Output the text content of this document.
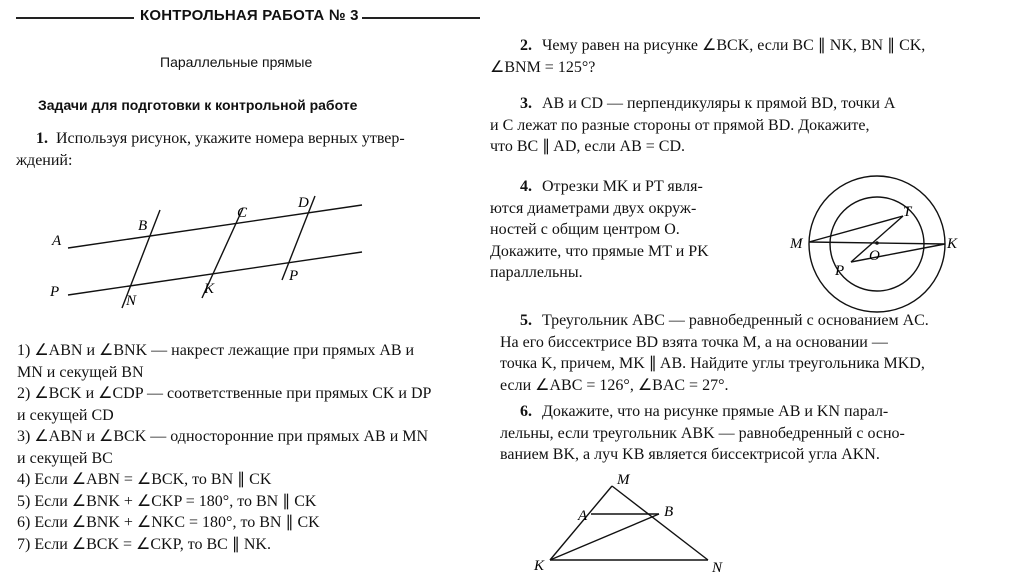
КОНТРОЛЬНАЯ РАБОТА № 3
Параллельные прямые
Задачи для подготовки к контрольной работе
1. Используя рисунок, укажите номера верных утвер-
ждений:
A
B
C
D
P
N
K
P
1) ∠ABN и ∠BNK — накрест лежащие при прямых AB и
MN и секущей BN
2) ∠BCK и ∠CDP — соответственные при прямых CK и DP
и секущей CD
3) ∠ABN и ∠BCK — односторонние при прямых AB и MN
и секущей BC
4) Если ∠ABN = ∠BCK, то BN ∥ CK
5) Если ∠BNK + ∠CKP = 180°, то BN ∥ CK
6) Если ∠BNK + ∠NKC = 180°, то BN ∥ CK
7) Если ∠BCK = ∠CKP, то BC ∥ NK.
2. Чему равен на рисунке ∠BCK, если BC ∥ NK, BN ∥ CK,
∠BNM = 125°?
3. AB и CD — перпендикуляры к прямой BD, точки A
и C лежат по разные стороны от прямой BD. Докажите,
что BC ∥ AD, если AB = CD.
4. Отрезки MK и PT явля-
ются диаметрами двух окруж-
ностей с общим центром O.
Докажите, что прямые MT и PK
параллельны.
M	K
T
P
O
5. Треугольник ABC — равнобедренный с основанием AC.
На его биссектрисе BD взята точка M, а на основании —
точка K, причем, MK ∥ AB. Найдите углы треугольника MKD,
если ∠ABC = 126°, ∠BAC = 27°.
6. Докажите, что на рисунке прямые AB и KN парал-
лельны, если треугольник ABK — равнобедренный с осно-
ванием BK, а луч KB является биссектрисой угла AKN.
M
A	B
K	N
